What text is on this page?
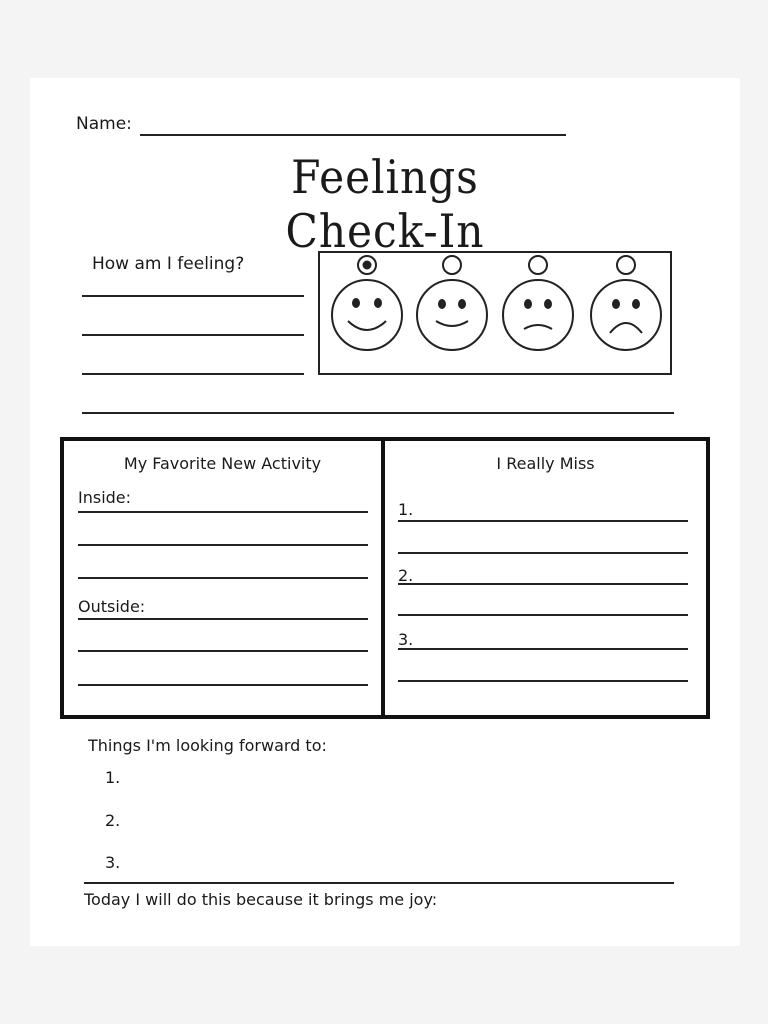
Name:
Feelings Check-In
How am I feeling?
My Favorite New Activity
Inside:
Outside:
I Really Miss
1.
2.
3.
Things I'm looking forward to:
1.
2.
3.
Today I will do this because it brings me joy:
